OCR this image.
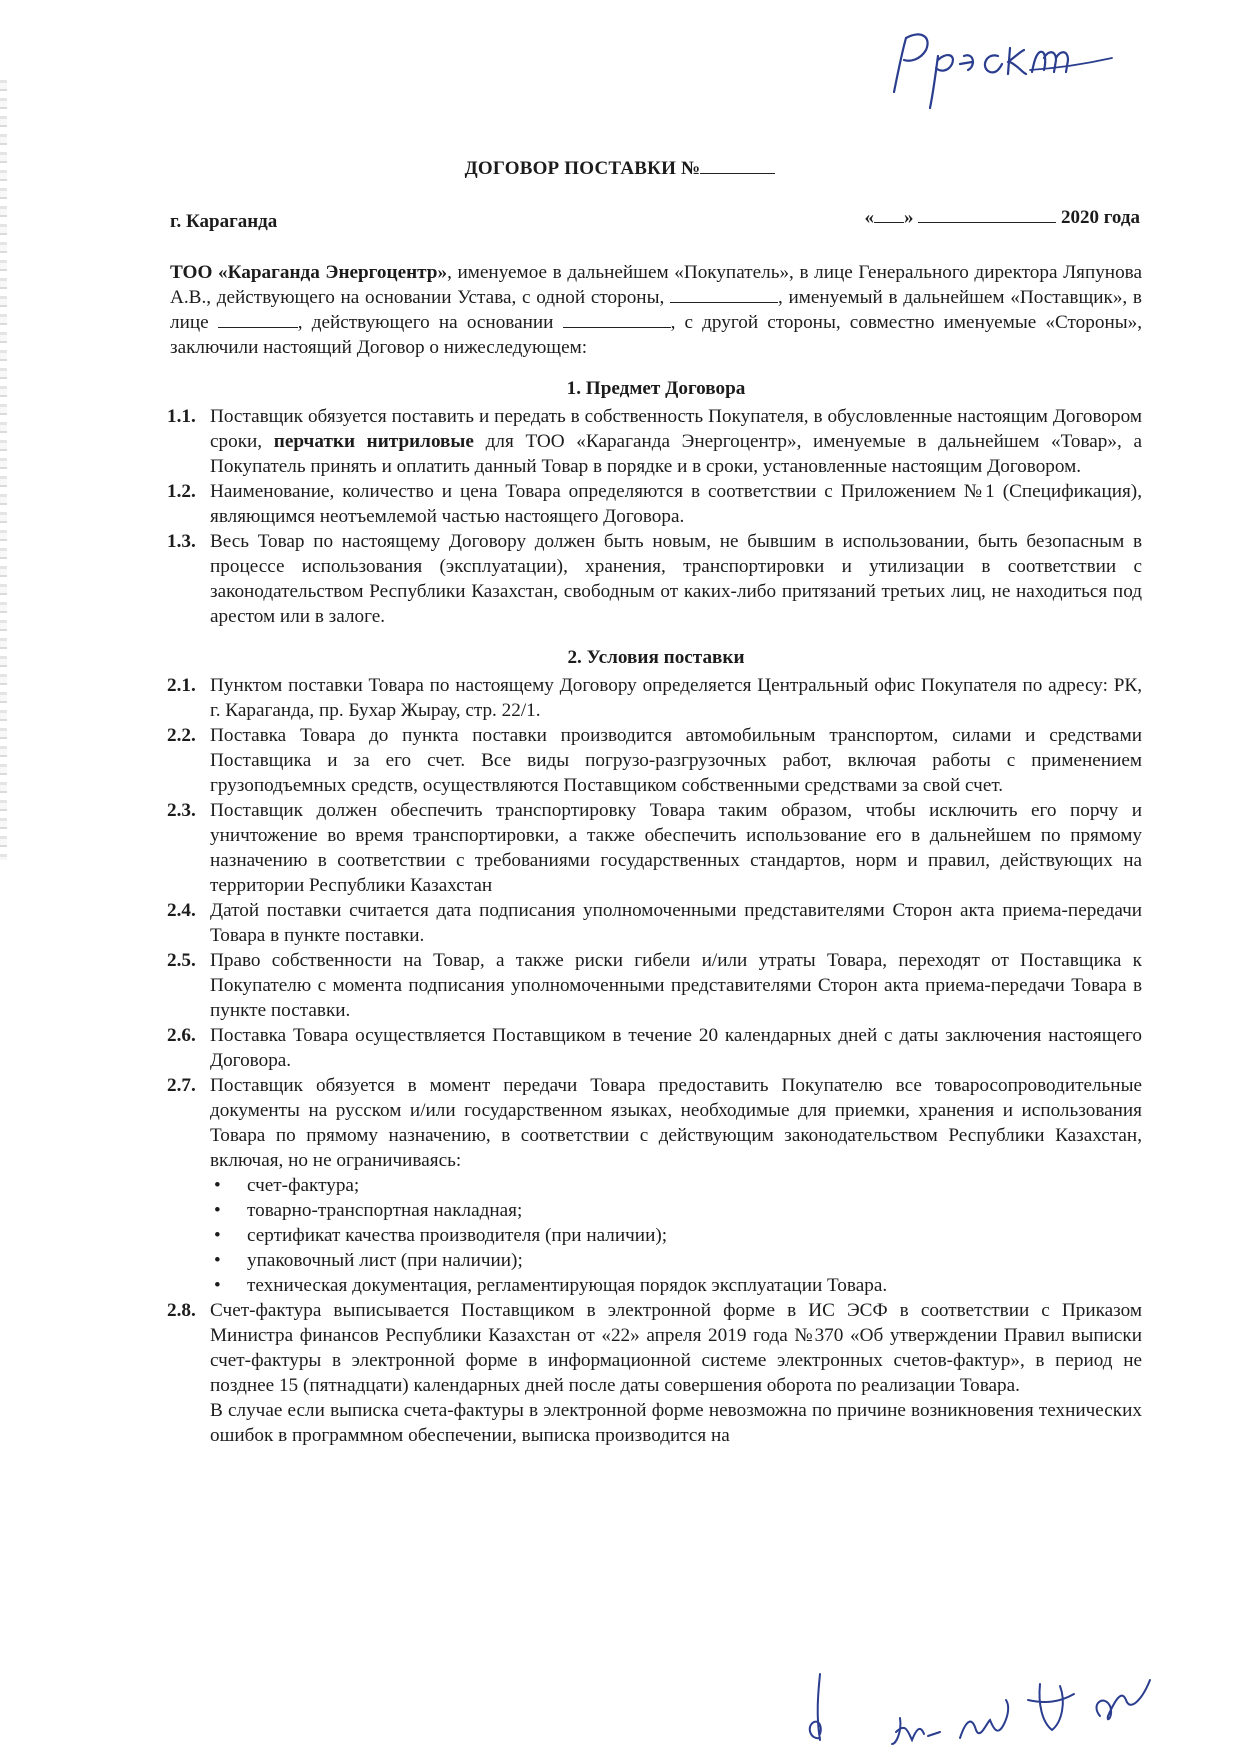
ДОГОВОР ПОСТАВКИ №
г. Караганда	« »	2020 года

ТОО «Караганда Энергоцентр», именуемое в дальнейшем «Покупатель», в лице Генерального директора Ляпунова А.В., действующего на основании Устава, с одной стороны,	, именуемый в дальнейшем «Поставщик», в лице	, действующего на основании	, с другой стороны, совместно именуемые «Стороны», заключили настоящий Договор о нижеследующем:

1. Предмет Договора

1.1. Поставщик обязуется поставить и передать в собственность Покупателя, в обусловленные настоящим Договором сроки, перчатки нитриловые для ТОО «Караганда Энергоцентр», именуемые в дальнейшем «Товар», а Покупатель принять и оплатить данный Товар в порядке и в сроки, установленные настоящим Договором.

1.2. Наименование, количество и цена Товара определяются в соответствии с Приложением №1 (Спецификация), являющимся неотъемлемой частью настоящего Договора.

1.3. Весь Товар по настоящему Договору должен быть новым, не бывшим в использовании, быть безопасным в процессе использования (эксплуатации), хранения, транспортировки и утилизации в соответствии с законодательством Республики Казахстан, свободным от каких-либо притязаний третьих лиц, не находиться под арестом или в залоге.

2. Условия поставки

2.1. Пунктом поставки Товара по настоящему Договору определяется Центральный офис Покупателя по адресу: РК, г. Караганда, пр. Бухар Жырау, стр. 22/1.

2.2. Поставка Товара до пункта поставки производится автомобильным транспортом, силами и средствами Поставщика и за его счет. Все виды погрузо-разгрузочных работ, включая работы с применением грузоподъемных средств, осуществляются Поставщиком собственными средствами за свой счет.

2.3. Поставщик должен обеспечить транспортировку Товара таким образом, чтобы исключить его порчу и уничтожение во время транспортировки, а также обеспечить использование его в дальнейшем по прямому назначению в соответствии с требованиями государственных стандартов, норм и правил, действующих на территории Республики Казахстан

2.4. Датой поставки считается дата подписания уполномоченными представителями Сторон акта приема-передачи Товара в пункте поставки.

2.5. Право собственности на Товар, а также риски гибели и/или утраты Товара, переходят от Поставщика к Покупателю с момента подписания уполномоченными представителями Сторон акта приема-передачи Товара в пункте поставки.

2.6. Поставка Товара осуществляется Поставщиком в течение 20 календарных дней с даты заключения настоящего Договора.

2.7. Поставщик обязуется в момент передачи Товара предоставить Покупателю все товаросопроводительные документы на русском и/или государственном языках, необходимые для приемки, хранения и использования Товара по прямому назначению, в соответствии с действующим законодательством Республики Казахстан, включая, но не ограничиваясь:

• счет-фактура;
• товарно-транспортная накладная;
• сертификат качества производителя (при наличии);
• упаковочный лист (при наличии);
• техническая документация, регламентирующая порядок эксплуатации Товара.

2.8. Счет-фактура выписывается Поставщиком в электронной форме в ИС ЭСФ в соответствии с Приказом Министра финансов Республики Казахстан от «22» апреля 2019 года №370 «Об утверждении Правил выписки счет-фактуры в электронной форме в информационной системе электронных счетов-фактур», в период не позднее 15 (пятнадцати) календарных дней после даты совершения оборота по реализации Товара.

В случае если выписка счета-фактуры в электронной форме невозможна по причине возникновения технических ошибок в программном обеспечении, выписка производится на
